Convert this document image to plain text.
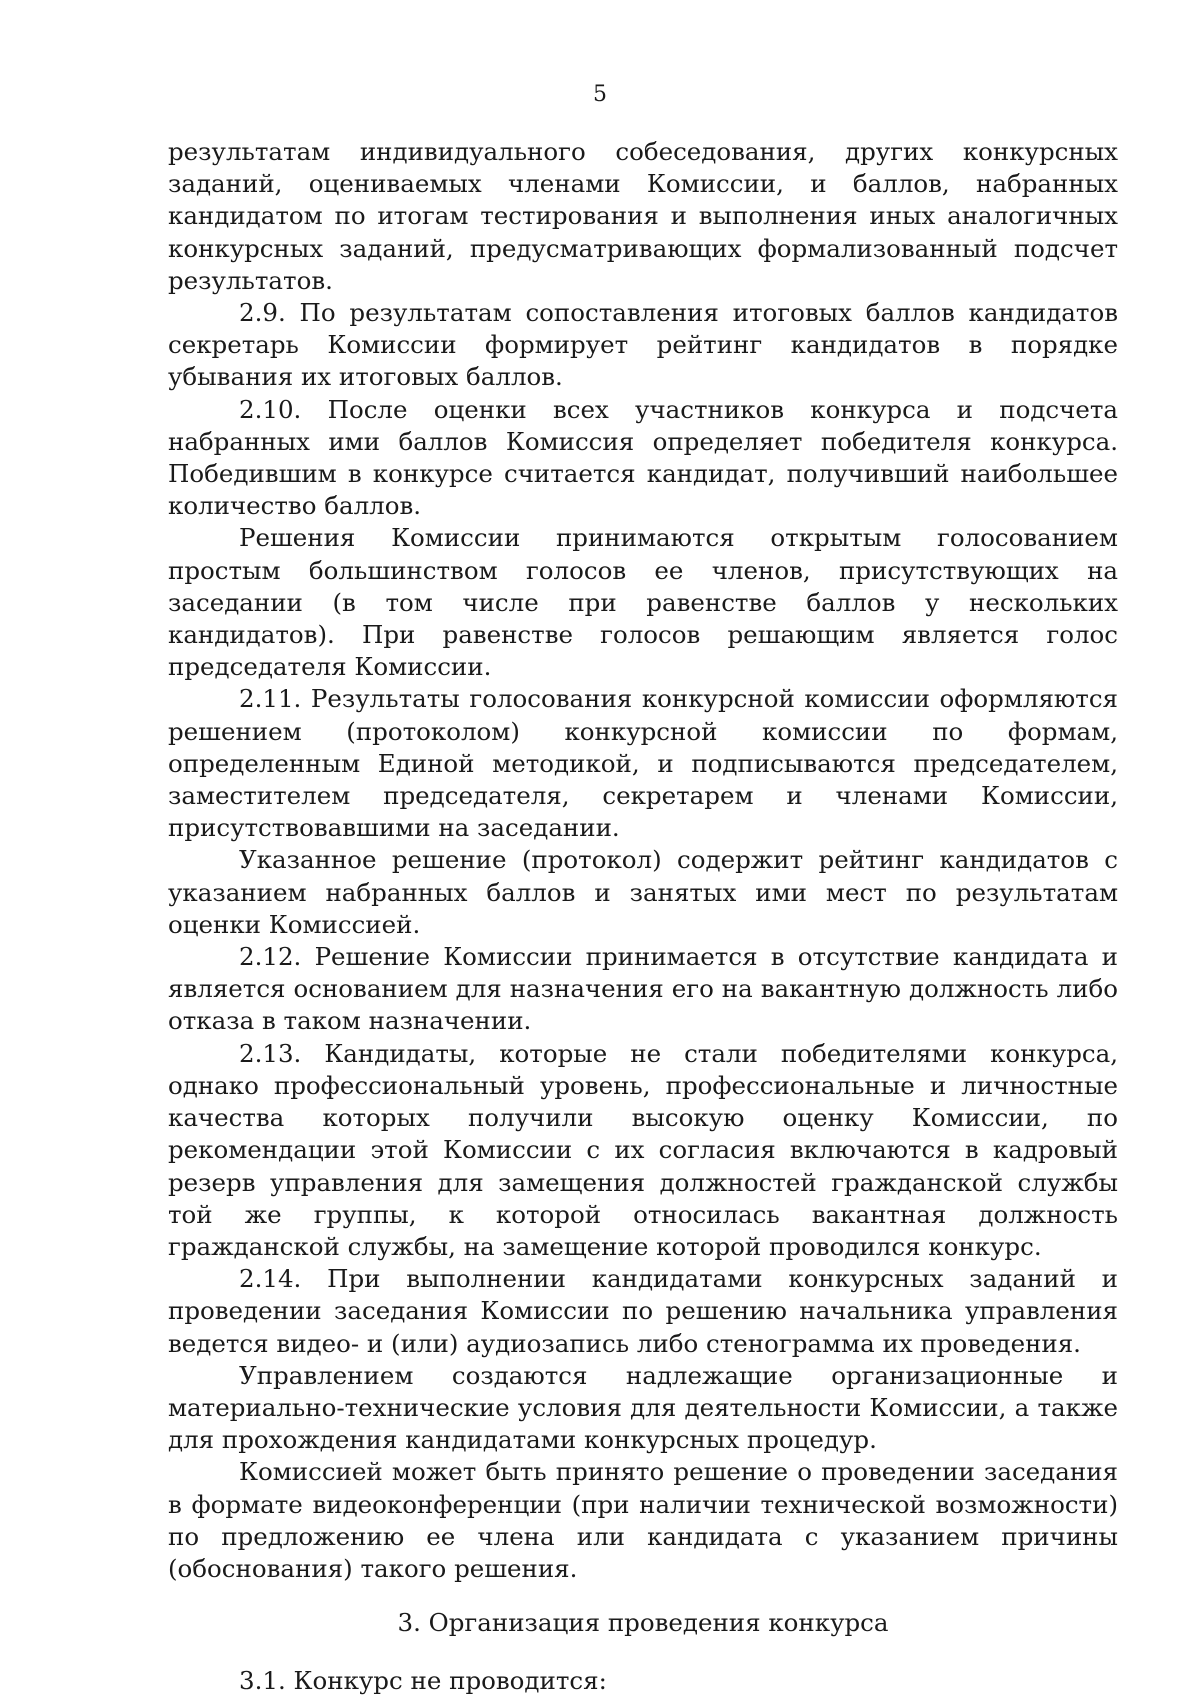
5

результатам индивидуального собеседования, других конкурсных заданий, оцениваемых членами Комиссии, и баллов, набранных кандидатом по итогам тестирования и выполнения иных аналогичных конкурсных заданий, предусматривающих формализованный подсчет результатов.

2.9. По результатам сопоставления итоговых баллов кандидатов секретарь Комиссии формирует рейтинг кандидатов в порядке убывания их итоговых баллов.

2.10. После оценки всех участников конкурса и подсчета набранных ими баллов Комиссия определяет победителя конкурса. Победившим в конкурсе считается кандидат, получивший наибольшее количество баллов.

Решения Комиссии принимаются открытым голосованием простым большинством голосов ее членов, присутствующих на заседании (в том числе при равенстве баллов у нескольких кандидатов). При равенстве голосов решающим является голос председателя Комиссии.

2.11. Результаты голосования конкурсной комиссии оформляются решением (протоколом) конкурсной комиссии по формам, определенным Единой методикой, и подписываются председателем, заместителем председателя, секретарем и членами Комиссии, присутствовавшими на заседании.

Указанное решение (протокол) содержит рейтинг кандидатов с указанием набранных баллов и занятых ими мест по результатам оценки Комиссией.

2.12. Решение Комиссии принимается в отсутствие кандидата и является основанием для назначения его на вакантную должность либо отказа в таком назначении.

2.13. Кандидаты, которые не стали победителями конкурса, однако профессиональный уровень, профессиональные и личностные качества которых получили высокую оценку Комиссии, по рекомендации этой Комиссии с их согласия включаются в кадровый резерв управления для замещения должностей гражданской службы той же группы, к которой относилась вакантная должность гражданской службы, на замещение которой проводился конкурс.

2.14. При выполнении кандидатами конкурсных заданий и проведении заседания Комиссии по решению начальника управления ведется видео- и (или) аудиозапись либо стенограмма их проведения.

Управлением создаются надлежащие организационные и материально-технические условия для деятельности Комиссии, а также для прохождения кандидатами конкурсных процедур.

Комиссией может быть принято решение о проведении заседания в формате видеоконференции (при наличии технической возможности) по предложению ее члена или кандидата с указанием причины (обоснования) такого решения.

3. Организация проведения конкурса

3.1. Конкурс не проводится:
